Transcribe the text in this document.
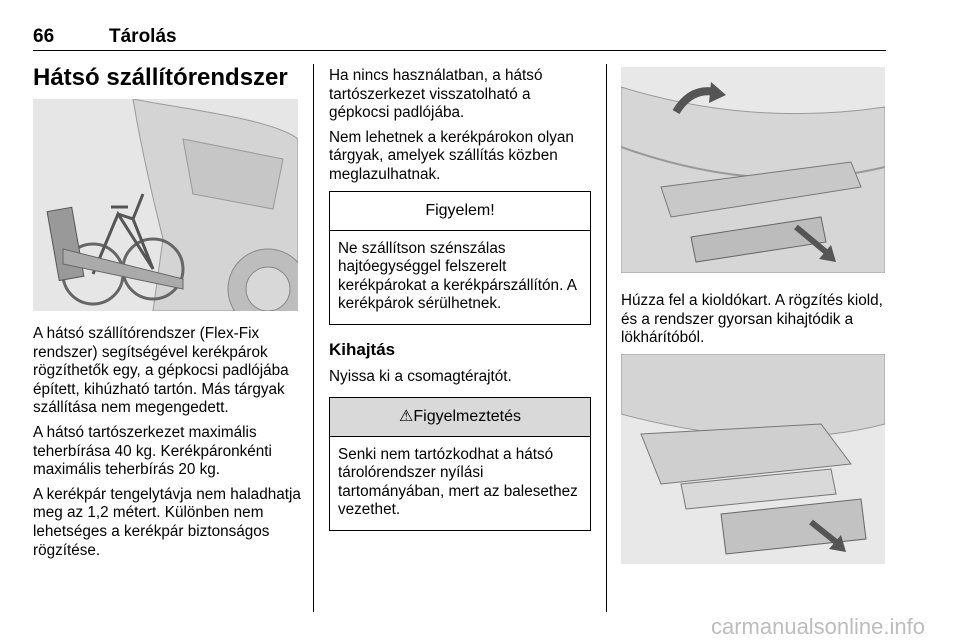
66	Tárolás
Hátsó szállítórendszer

A hátsó szállítórendszer (Flex-Fix rendszer) segítségével kerékpárok rögzíthetők egy, a gépkocsi padlójába épített, kihúzható tartón. Más tárgyak szállítása nem megengedett.

A hátsó tartószerkezet maximális teherbírása 40 kg. Kerékpáronkénti maximális teherbírás 20 kg.

A kerékpár tengelytávja nem haladhatja meg az 1,2 métert. Különben nem lehetséges a kerékpár biztonságos rögzítése.

Ha nincs használatban, a hátsó tartószerkezet visszatolható a gépkocsi padlójába.

Nem lehetnek a kerékpárokon olyan tárgyak, amelyek szállítás közben meglazulhatnak.

Figyelem!
Ne szállítson szénszálas hajtóegységgel felszerelt kerékpárokat a kerékpárszállítón. A kerékpárok sérülhetnek.
Kihajtás

Nyissa ki a csomagtérajtót.

⚠Figyelmeztetés
Senki nem tartózkodhat a hátsó tárolórendszer nyílási tartományában, mert az balesethez vezethet.

Húzza fel a kioldókart. A rögzítés kiold, és a rendszer gyorsan kihajtódik a lökhárítóból.

carmanualsonline.info
